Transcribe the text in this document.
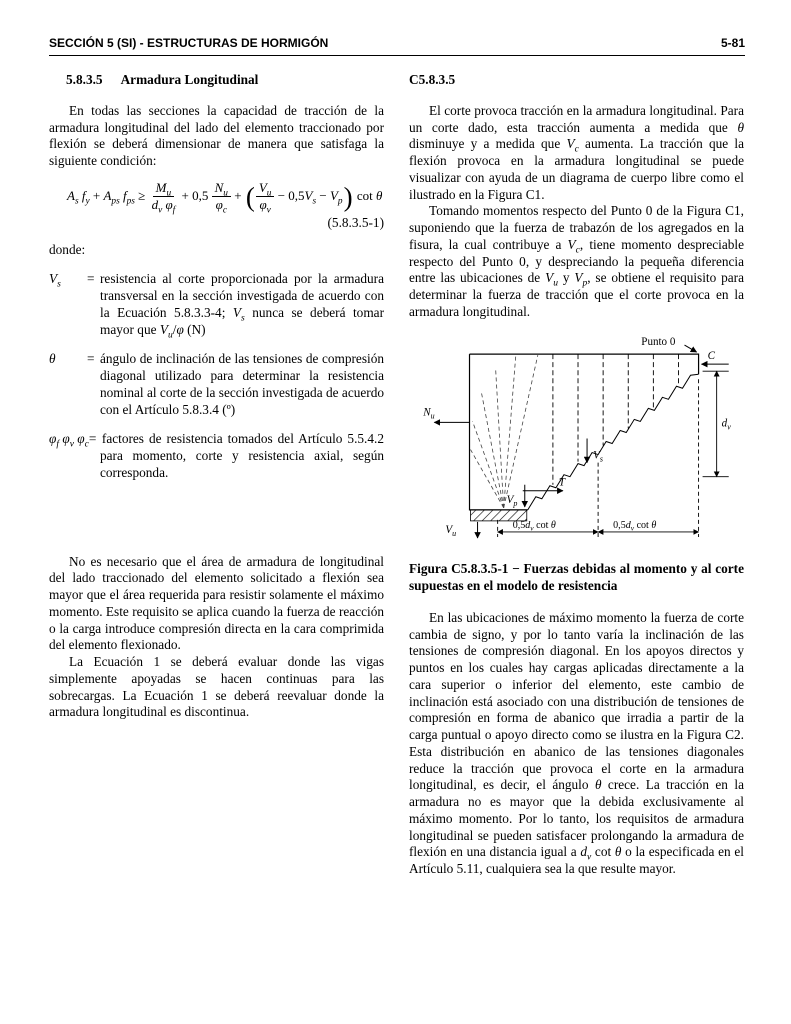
SECCIÓN 5 (SI) - ESTRUCTURAS DE HORMIGÓN	5-81
5.8.3.5 Armadura Longitudinal

En todas las secciones la capacidad de tracción de la armadura longitudinal del lado del elemento traccionado por flexión se deberá dimensionar de manera que satisfaga la siguiente condición:

$A_s$ $f_y + A_{ps}$ $f_{ps} \ge \frac{M_u}{d_v \varphi_f} + 0,5 \frac{N_u}{\varphi_c}$ + ( $\frac{V_u}{\varphi_v} - 0,5V_s - V_p$) cot θ
(5.8.3.5-1)

donde:

$V_s$ = resistencia al corte proporcionada por la armadura transversal en la sección investigada de acuerdo con la Ecuación 5.8.3.3-4; $V_s$ nunca se deberá tomar mayor que $V_u/\varphi$ (N)
θ = ángulo de inclinación de las tensiones de compresión diagonal utilizado para determinar la resistencia nominal al corte de la sección investigada de acuerdo con el Artículo 5.8.3.4 (º)
$\varphi_f$ $\varphi_v$ $\varphi_c=$ factores de resistencia tomados del Artículo 5.5.4.2 para momento, corte y resistencia axial, según corresponda.

No es necesario que el área de armadura de longitudinal del lado traccionado del elemento solicitado a flexión sea mayor que el área requerida para resistir solamente el máximo momento. Este requisito se aplica cuando la fuerza de reacción o la carga introduce compresión directa en la cara comprimida del elemento flexionado.

La Ecuación 1 se deberá evaluar donde las vigas simplemente apoyadas se hacen continuas para las sobrecargas. La Ecuación 1 se deberá reevaluar donde la armadura longitudinal es discontinua.

C5.8.3.5

El corte provoca tracción en la armadura longitudinal. Para un corte dado, esta tracción aumenta a medida que θ disminuye y a medida que $V_c$ aumenta. La tracción que la flexión provoca en la armadura longitudinal se puede visualizar con ayuda de un diagrama de cuerpo libre como el ilustrado en la Figura C1.

Tomando momentos respecto del Punto 0 de la Figura C1, suponiendo que la fuerza de trabazón de los agregados en la fisura, la cual contribuye a $V_c$, tiene momento despreciable respecto del Punto 0, y despreciando la pequeña diferencia entre las ubicaciones de $V_u$ y $V_p$, se obtiene el requisito para determinar la fuerza de tracción que el corte provoca en la armadura longitudinal.

Punto 0
C
$N_u$
$d_v$
$V_s$
T
$V_p$
$V_u$
$0,5d_v$ cot θ	$0,5d_v$ cot θ
Figura C5.8.3.5-1 − Fuerzas debidas al momento y al corte supuestas en el modelo de resistencia

En las ubicaciones de máximo momento la fuerza de corte cambia de signo, y por lo tanto varía la inclinación de las tensiones de compresión diagonal. En los apoyos directos y puntos en los cuales hay cargas aplicadas directamente a la cara superior o inferior del elemento, este cambio de inclinación está asociado con una distribución de tensiones de compresión en forma de abanico que irradia a partir de la carga puntual o apoyo directo como se ilustra en la Figura C2. Esta distribución en abanico de las tensiones diagonales reduce la tracción que provoca el corte en la armadura longitudinal, es decir, el ángulo θ crece. La tracción en la armadura no es mayor que la debida exclusivamente al máximo momento. Por lo tanto, los requisitos de armadura longitudinal se pueden satisfacer prolongando la armadura de flexión en una distancia igual a $d_v$ cot θ o la especificada en el Artículo 5.11, cualquiera sea la que resulte mayor.
